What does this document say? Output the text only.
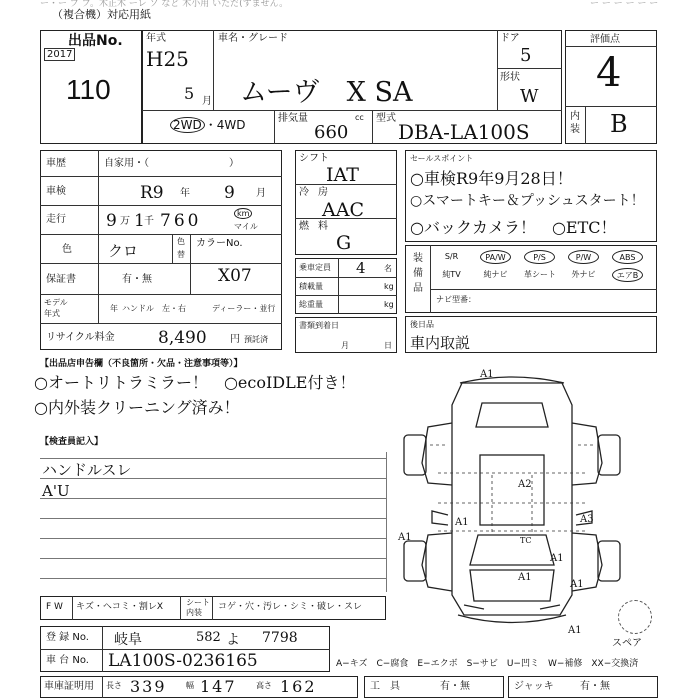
ー・ー ブ ブ。木正木 ーレ ソ など 木小用 いただ(すません。
（複合機）対応用紙
ー ー ー ー ー ー
出品No.
2017
110
年式
H25
5 月
車名・グレード
ムーヴ　X SA
ドア
5
形状
W
2WD ・4WD	排気量	cc
660
型式
DBA-LA100S
評価点
4
内
装 B
車歴	自家用・（　　　　　　　　）
車検	R9 年 9 月
走行 9 万 1 千 760	km
マイル
色 クロ
色
替
カラーNo.
X07
保証書	有・無
モデル
年式
年 ハンドル　左・右	ディーラー・並行
リサイクル料金	8,490 円 預託済
シフト
IAT
冷 房
AAC
燃 料
G
乗車定員 4 名
積載量	kg
総重量	kg
書類到着日
月	日
セールスポイント
○車検R9年9月28日！
○スマートキー＆プッシュスタート！
○バックカメラ！　○ETC！
装
備
品
S/R	PA/W	P/S	P/W	ABS
純TV	純ナビ	革シート	外ナビ	エアB
ナビ型番：
後日品
車内取説
【出品店申告欄（不良箇所・欠品・注意事項等）】
○オートリトラミラー！　○ecoIDLE付き！
○内外装クリーニング済み！
【検査員記入】
ハンドルスレ
A'U
A1
A2
A1	A3
A1
A1
A1
A1
A1
TC
スペア
F W キズ・ヘコミ・割レX	シート
内装
コゲ・穴・汚レ・シミ・破レ・スレ
登 録 No. 岐阜	582 よ 7798
車 台 No. LA100S-0236165	A−キズ　C−腐食　E−エクボ　S−サビ　U−凹ミ　W−補修　XX−交換済
車庫証明用 長さ 339 幅 147 高さ 162	工　具	有・無	ジャッキ	有・無
